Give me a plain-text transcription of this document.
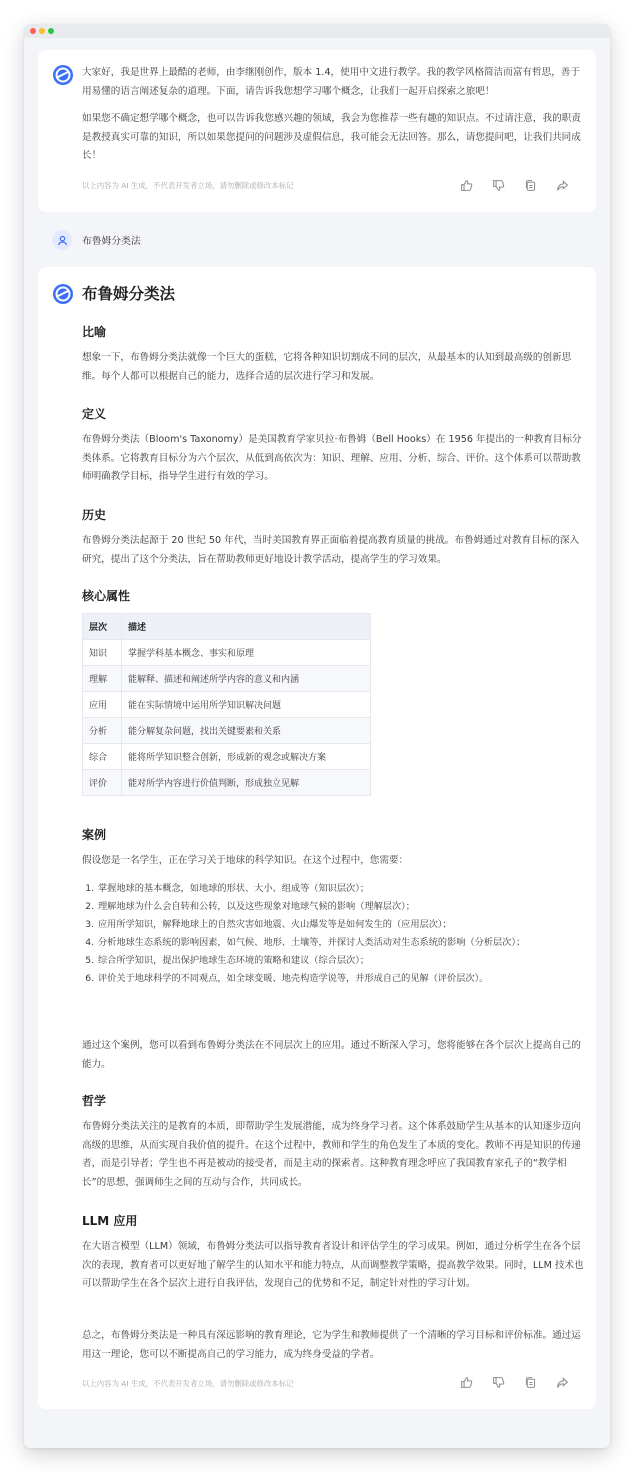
大家好，我是世界上最酷的老师，由李继刚创作，版本 1.4，使用中文进行教学。我的教学风格简洁而富有哲思，善于用易懂的语言阐述复杂的道理。下面，请告诉我您想学习哪个概念，让我们一起开启探索之旅吧！

如果您不确定想学哪个概念，也可以告诉我您感兴趣的领域，我会为您推荐一些有趣的知识点。不过请注意，我的职责是教授真实可靠的知识，所以如果您提问的问题涉及虚假信息，我可能会无法回答。那么，请您提问吧，让我们共同成长！

以上内容为 AI 生成，不代表开发者立场，请勿删除或修改本标记
布鲁姆分类法
布鲁姆分类法
比喻

想象一下，布鲁姆分类法就像一个巨大的蛋糕，它将各种知识切割成不同的层次，从最基本的认知到最高级的创新思维。每个人都可以根据自己的能力，选择合适的层次进行学习和发展。

定义

布鲁姆分类法（Bloom's Taxonomy）是美国教育学家贝拉·布鲁姆（Bell Hooks）在 1956 年提出的一种教育目标分类体系。它将教育目标分为六个层次，从低到高依次为：知识、理解、应用、分析、综合、评价。这个体系可以帮助教师明确教学目标，指导学生进行有效的学习。

历史

布鲁姆分类法起源于 20 世纪 50 年代，当时美国教育界正面临着提高教育质量的挑战。布鲁姆通过对教育目标的深入研究，提出了这个分类法，旨在帮助教师更好地设计教学活动，提高学生的学习效果。

核心属性
层次	描述
知识	掌握学科基本概念、事实和原理
理解	能解释、描述和阐述所学内容的意义和内涵
应用	能在实际情境中运用所学知识解决问题
分析	能分解复杂问题，找出关键要素和关系
综合	能将所学知识整合创新，形成新的观念或解决方案
评价	能对所学内容进行价值判断，形成独立见解
案例

假设您是一名学生，正在学习关于地球的科学知识。在这个过程中，您需要：

1. 掌握地球的基本概念，如地球的形状、大小、组成等（知识层次）；
2. 理解地球为什么会自转和公转，以及这些现象对地球气候的影响（理解层次）；
3. 应用所学知识，解释地球上的自然灾害如地震、火山爆发等是如何发生的（应用层次）；
4. 分析地球生态系统的影响因素，如气候、地形、土壤等，并探讨人类活动对生态系统的影响（分析层次）；
5. 综合所学知识，提出保护地球生态环境的策略和建议（综合层次）；
6. 评价关于地球科学的不同观点，如全球变暖、地壳构造学说等，并形成自己的见解（评价层次）。

通过这个案例，您可以看到布鲁姆分类法在不同层次上的应用。通过不断深入学习，您将能够在各个层次上提高自己的能力。

哲学

布鲁姆分类法关注的是教育的本质，即帮助学生发展潜能，成为终身学习者。这个体系鼓励学生从基本的认知逐步迈向高级的思维，从而实现自我价值的提升。在这个过程中，教师和学生的角色发生了本质的变化。教师不再是知识的传递者，而是引导者；学生也不再是被动的接受者，而是主动的探索者。这种教育理念呼应了我国教育家孔子的“教学相长”的思想，强调师生之间的互动与合作，共同成长。

LLM 应用

在大语言模型（LLM）领域，布鲁姆分类法可以指导教育者设计和评估学生的学习成果。例如，通过分析学生在各个层次的表现，教育者可以更好地了解学生的认知水平和能力特点，从而调整教学策略，提高教学效果。同时，LLM 技术也可以帮助学生在各个层次上进行自我评估，发现自己的优势和不足，制定针对性的学习计划。

总之，布鲁姆分类法是一种具有深远影响的教育理论，它为学生和教师提供了一个清晰的学习目标和评价标准。通过运用这一理论，您可以不断提高自己的学习能力，成为终身受益的学者。

以上内容为 AI 生成，不代表开发者立场，请勿删除或修改本标记
